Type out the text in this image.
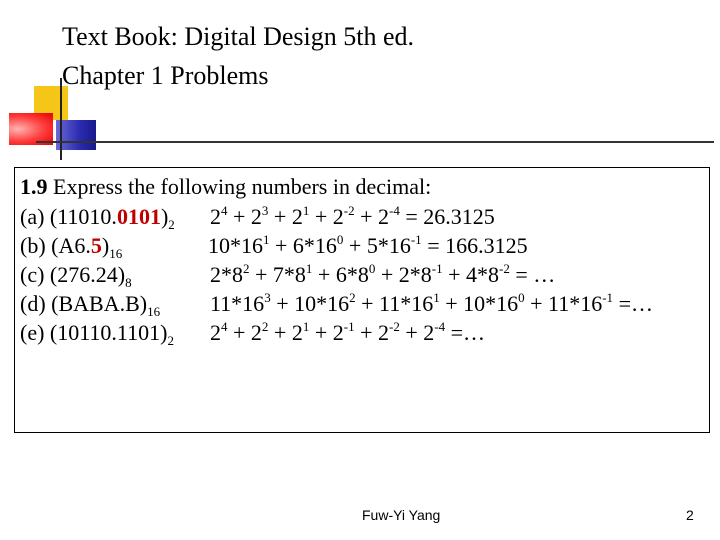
Text Book: Digital Design 5th ed.
Chapter 1 Problems
1.9 Express the following numbers in decimal:
(a) $(11010.0101)_2$ $2^4 + 2^3 + 2^1 + 2^{-2} + 2^{-4} = 26.3125$
(b) $(A6.5)_{16}$	$10*16^1 + 6*16^0 + 5*16^{-1} = 166.3125$
(c) $(276.24)_8$	$2*8^2 + 7*8^1 + 6*8^0 + 2*8^{-1} + 4*8^{-2}$ = …
(d) $(BABA.B)_{16}$ $11*16^3 + 10*16^2 + 11*16^1 + 10*16^0 + 11*16^{-1}$ =…
(e) $(10110.1101)_2$ $2^4 + 2^2 + 2^1 + 2^{-1} + 2^{-2} + 2^{-4}$ =…
Fuw-Yi Yang	2
